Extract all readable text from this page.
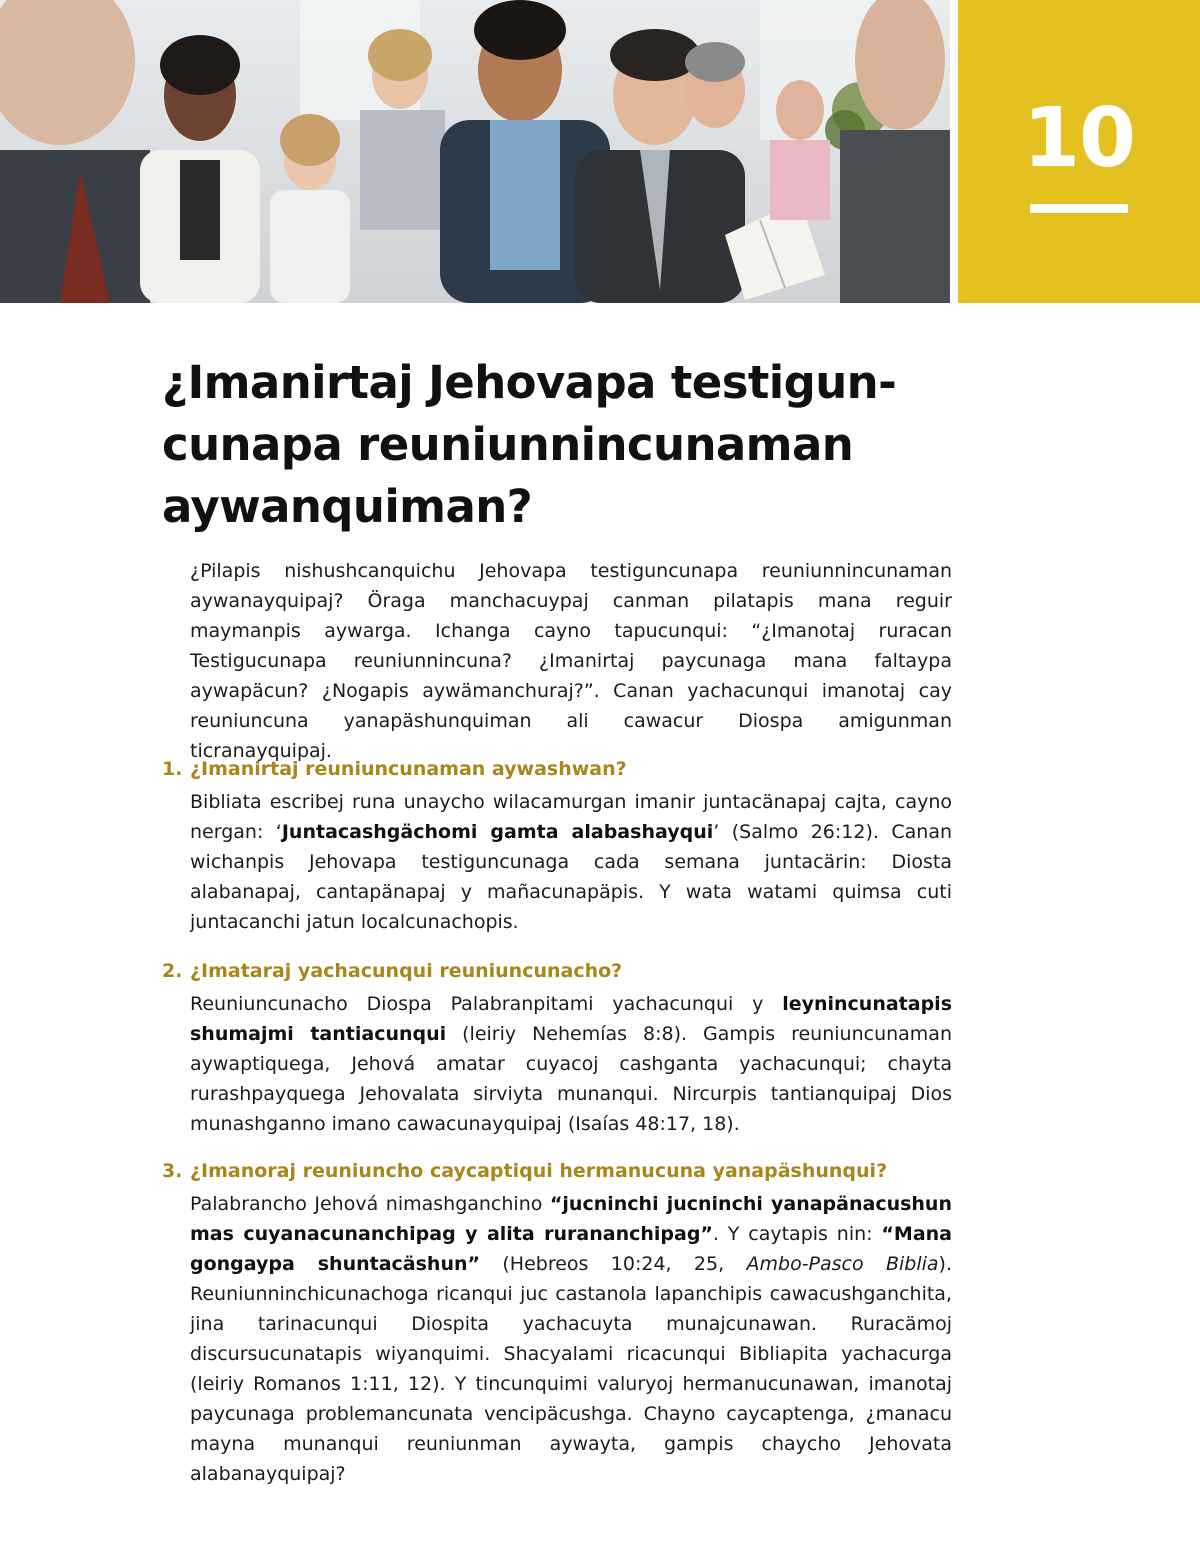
10
¿Imanirtaj Jehovapa testigun-
cunapa reuniunnincunaman
aywanquiman?

¿Pilapis nishushcanquichu Jehovapa testiguncunapa reuniunnincunaman aywanayquipaj? Öraga manchacuypaj canman pilatapis mana reguir maymanpis aywarga. Ichanga cayno tapucunqui: “¿Imanotaj ruracan Testigucunapa reuniunnincuna? ¿Imanirtaj paycunaga mana faltaypa aywapäcun? ¿Nogapis aywämanchuraj?”. Canan yachacunqui imanotaj cay reuniuncuna yanapäshunquiman ali cawacur Diospa amigunman ticranayquipaj.

1. ¿Imanirtaj reuniuncunaman aywashwan?

Bibliata escribej runa unaycho wilacamurgan imanir juntacänapaj cajta, cayno nergan: ‘Juntacashgächomi gamta alabashayqui’ (Salmo 26:12). Canan wichanpis Jehovapa testiguncunaga cada semana juntacärin: Diosta alabanapaj, cantapänapaj y mañacunapäpis. Y wata watami quimsa cuti juntacanchi jatun localcunachopis.

2. ¿Imataraj yachacunqui reuniuncunacho?

Reuniuncunacho Diospa Palabranpitami yachacunqui y leynincunatapis shumajmi tantiacunqui (leiriy Nehemías 8:8). Gampis reuniuncunaman aywaptiquega, Jehová amatar cuyacoj cashganta yachacunqui; chayta rurashpayquega Jehovalata sirviyta munanqui. Nircurpis tantianquipaj Dios munashganno imano cawacunayquipaj (Isaías 48:17, 18).

3. ¿Imanoraj reuniuncho caycaptiqui hermanucuna yanapäshunqui?

Palabrancho Jehová nimashganchino “jucninchi jucninchi yanapänacushun mas cuyanacunanchipag y alita rurananchipag”. Y caytapis nin: “Mana gongaypa shuntacäshun” (Hebreos 10:24, 25, Ambo-Pasco Biblia). Reuniunninchicunachoga ricanqui juc castanola lapanchipis cawacushganchita, jina tarinacunqui Diospita yachacuyta munajcunawan. Ruracämoj discursucunatapis wiyanquimi. Shacyalami ricacunqui Bibliapita yachacurga (leiriy Romanos 1:11, 12). Y tincunquimi valuryoj hermanucunawan, imanotaj paycunaga problemancunata vencipäcushga. Chayno caycaptenga, ¿manacu mayna munanqui reuniunman aywayta, gampis chaycho Jehovata alabanayquipaj?
